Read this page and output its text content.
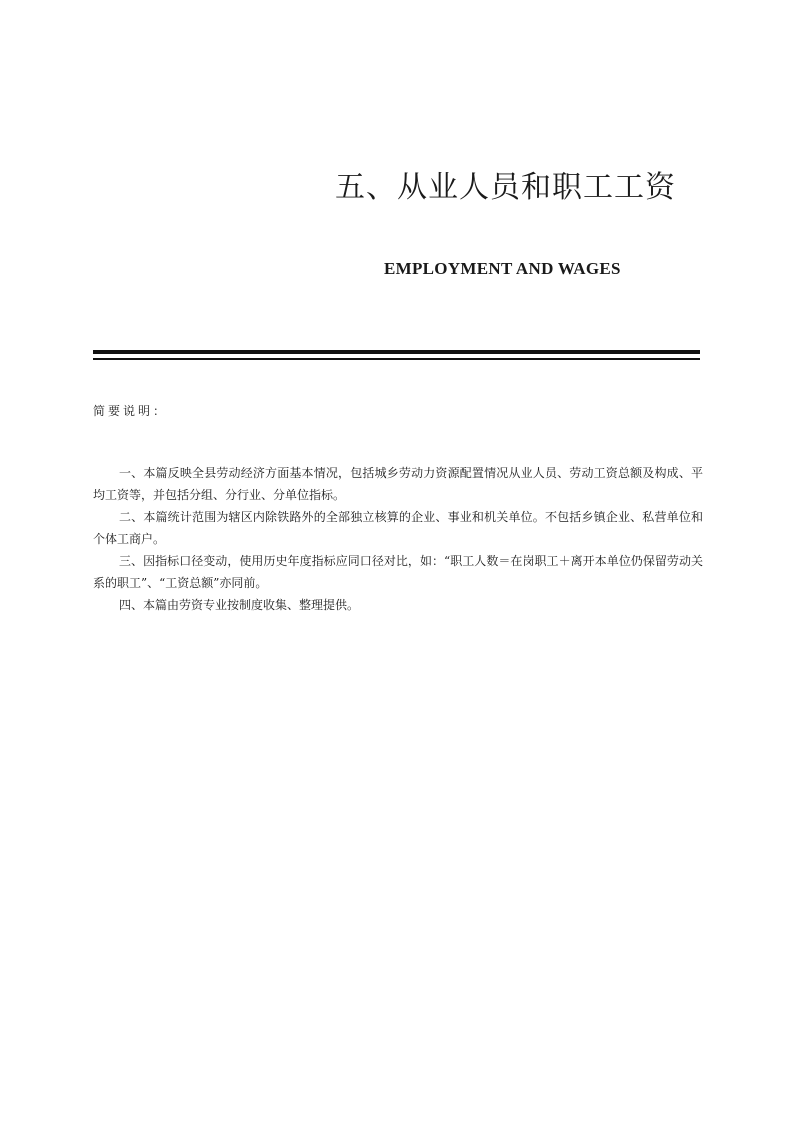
五、从业人员和职工工资
EMPLOYMENT AND WAGES
简要说明：

一、本篇反映全县劳动经济方面基本情况，包括城乡劳动力资源配置情况从业人员、劳动工资总额及构成、平均工资等，并包括分组、分行业、分单位指标。

二、本篇统计范围为辖区内除铁路外的全部独立核算的企业、事业和机关单位。不包括乡镇企业、私营单位和个体工商户。

三、因指标口径变动，使用历史年度指标应同口径对比，如：“职工人数＝在岗职工＋离开本单位仍保留劳动关系的职工”、“工资总额”亦同前。

四、本篇由劳资专业按制度收集、整理提供。
